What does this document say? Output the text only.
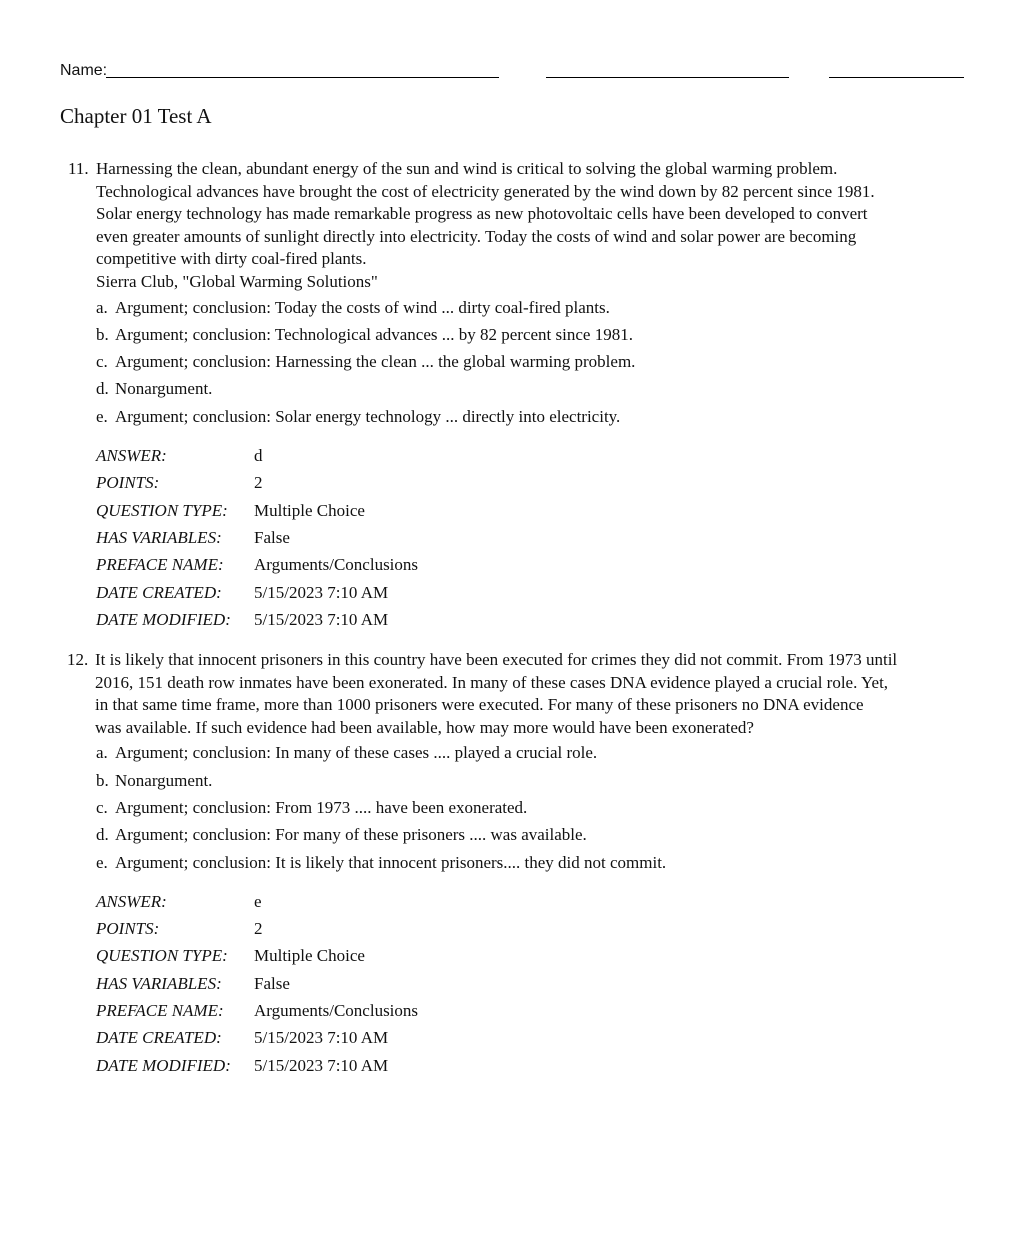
Name:
Chapter 01 Test A
11. Harnessing the clean, abundant energy of the sun and wind is critical to solving the global warming problem.
Technological advances have brought the cost of electricity generated by the wind down by 82 percent since 1981.
Solar energy technology has made remarkable progress as new photovoltaic cells have been developed to convert
even greater amounts of sunlight directly into electricity. Today the costs of wind and solar power are becoming
competitive with dirty coal-fired plants.
Sierra Club, "Global Warming Solutions"
a. Argument; conclusion: Today the costs of wind ... dirty coal-fired plants.
b. Argument; conclusion: Technological advances ... by 82 percent since 1981.
c. Argument; conclusion: Harnessing the clean ... the global warming problem.
d. Nonargument.
e. Argument; conclusion: Solar energy technology ... directly into electricity.
ANSWER:	d
POINTS:	2
QUESTION TYPE:	Multiple Choice
HAS VARIABLES:	False
PREFACE NAME:	Arguments/Conclusions
DATE CREATED:	5/15/2023 7:10 AM
DATE MODIFIED:	5/15/2023 7:10 AM
12. It is likely that innocent prisoners in this country have been executed for crimes they did not commit. From 1973 until
2016, 151 death row inmates have been exonerated. In many of these cases DNA evidence played a crucial role. Yet,
in that same time frame, more than 1000 prisoners were executed. For many of these prisoners no DNA evidence
was available. If such evidence had been available, how may more would have been exonerated?
a. Argument; conclusion: In many of these cases .... played a crucial role.
b. Nonargument.
c. Argument; conclusion: From 1973 .... have been exonerated.
d. Argument; conclusion: For many of these prisoners .... was available.
e. Argument; conclusion: It is likely that innocent prisoners.... they did not commit.
ANSWER:	e
POINTS:	2
QUESTION TYPE:	Multiple Choice
HAS VARIABLES:	False
PREFACE NAME:	Arguments/Conclusions
DATE CREATED:	5/15/2023 7:10 AM
DATE MODIFIED:	5/15/2023 7:10 AM
